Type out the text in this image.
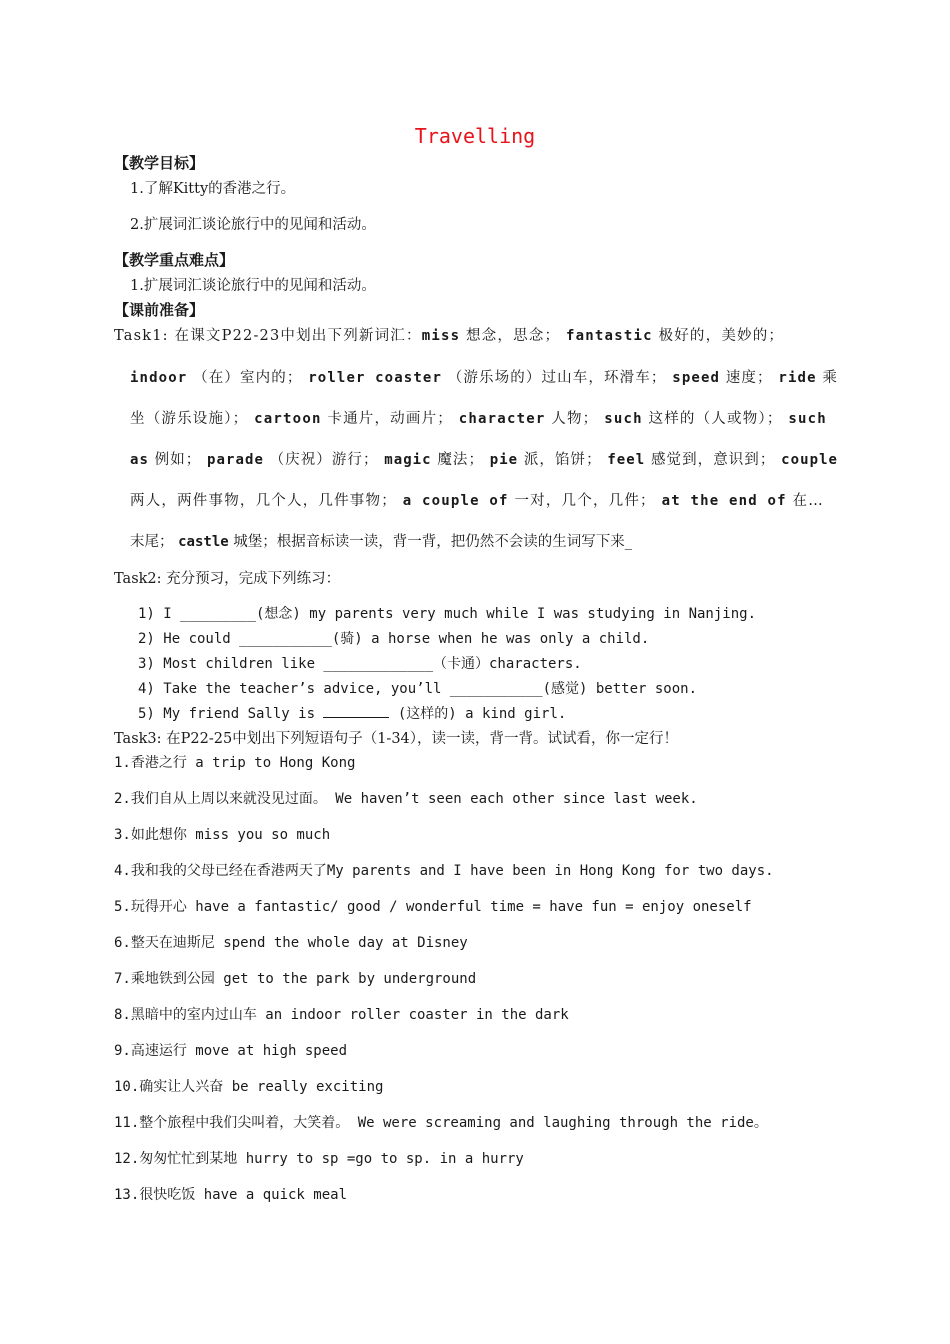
Travelling
【教学目标】
1.了解Kitty的香港之行。
2.扩展词汇谈论旅行中的见闻和活动。
【教学重点难点】
1.扩展词汇谈论旅行中的见闻和活动。
【课前准备】
Task1: 在课文P22-23中划出下列新词汇：miss 想念，思念； fantastic 极好的，美妙的；
indoor （在）室内的； roller coaster （游乐场的）过山车，环滑车； speed 速度； ride 乘
坐（游乐设施）； cartoon 卡通片，动画片； character 人物； such 这样的（人或物）； such
as 例如； parade （庆祝）游行； magic 魔法； pie 派，馅饼； feel 感觉到，意识到； couple
两人，两件事物，几个人，几件事物； a couple of 一对，几个，几件； at the end of 在…
末尾； castle 城堡；根据音标读一读，背一背，把仍然不会读的生词写下来_
Task2: 充分预习，完成下列练习：
1) I _________(想念) my parents very much while I was studying in Nanjing.
2) He could ___________(骑) a horse when he was only a child.
3) Most children like _____________（卡通）characters.
4) Take the teacher’s advice, you’ll ___________(感觉) better soon.
5) My friend Sally is	(这样的) a kind girl.
Task3: 在P22-25中划出下列短语句子（1-34），读一读，背一背。试试看，你一定行！
1.香港之行 a trip to Hong Kong
2.我们自从上周以来就没见过面。 We haven’t seen each other since last week.
3.如此想你 miss you so much
4.我和我的父母已经在香港两天了My parents and I have been in Hong Kong for two days.
5.玩得开心 have a fantastic/ good / wonderful time = have fun = enjoy oneself
6.整天在迪斯尼 spend the whole day at Disney
7.乘地铁到公园 get to the park by underground
8.黑暗中的室内过山车 an indoor roller coaster in the dark
9.高速运行 move at high speed
10.确实让人兴奋 be really exciting
11.整个旅程中我们尖叫着，大笑着。 We were screaming and laughing through the ride。
12.匆匆忙忙到某地 hurry to sp =go to sp. in a hurry
13.很快吃饭 have a quick meal
